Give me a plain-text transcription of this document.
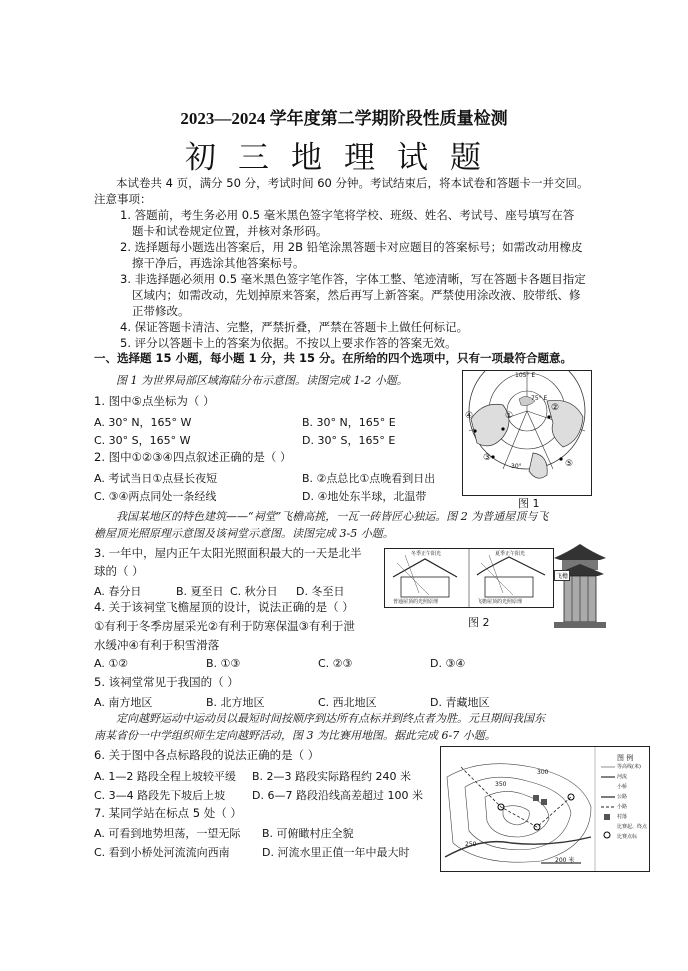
2023—2024 学年度第二学期阶段性质量检测
初三地理试题
本试卷共 4 页，满分 50 分，考试时间 60 分钟。考试结束后，将本试卷和答题卡一并交回。
注意事项：
1. 答题前，考生务必用 0.5 毫米黑色签字笔将学校、班级、姓名、考试号、座号填写在答
题卡和试卷规定位置，并核对条形码。
2. 选择题每小题选出答案后，用 2B 铅笔涂黑答题卡对应题目的答案标号；如需改动用橡皮
擦干净后，再选涂其他答案标号。
3. 非选择题必须用 0.5 毫米黑色签字笔作答，字体工整、笔迹清晰，写在答题卡各题目指定
区域内；如需改动，先划掉原来答案，然后再写上新答案。严禁使用涂改液、胶带纸、修
正带修改。
4. 保证答题卡清洁、完整，严禁折叠，严禁在答题卡上做任何标记。
5. 评分以答题卡上的答案为依据。不按以上要求作答的答案无效。
一、选择题 15 小题，每小题 1 分，共 15 分。在所给的四个选项中，只有一项最符合题意。
图 1 为世界局部区域海陆分布示意图。读图完成 1-2 小题。
1. 图中⑤点坐标为（ ）
A. 30° N，165° W	B. 30° N，165° E
C. 30° S，165° W	D. 30° S，165° E
2. 图中①②③④四点叙述正确的是（ ）
A. 考试当日①点昼长夜短	B. ②点总比①点晚看到日出
C. ③④两点同处一条经线	D. ④地处东半球，北温带
105° E
75° E
30°
①
②
③
④
⑤
图 1
我国某地区的特色建筑——“祠堂”飞檐高挑，一瓦一砖皆匠心独运。图 2 为普通屋顶与飞
檐屋顶光照原理示意图及该祠堂示意图。读图完成 3-5 小题。
3. 一年中，屋内正午太阳光照面积最大的一天是北半
球的（ ）
A. 春分日	B. 夏至日 C. 秋分日 D. 冬至日
冬季正午阳光	夏季正午阳光
普通屋顶的光照原理	飞檐屋顶的光照原理
飞檐
图 2
4. 关于该祠堂飞檐屋顶的设计，说法正确的是（ ）
①有利于冬季房屋采光②有利于防寒保温③有利于泄
水缓冲④有利于积雪滑落
A. ①②	B. ①③	C. ②③	D. ③④
5. 该祠堂常见于我国的（ ）
A. 南方地区	B. 北方地区	C. 西北地区	D. 青藏地区
定向越野运动中运动员以最短时间按顺序到达所有点标并到终点者为胜。元旦期间我国东
南某省份一中学组织师生定向越野活动，图 3 为比赛用地图。据此完成 6-7 小题。
6. 关于图中各点标路段的说法正确的是（ ）
A. 1—2 路段全程上坡较平缓 B. 2—3 路段实际路程约 240 米
C. 3—4 路段先下坡后上坡 D. 6—7 路段沿线高差超过 100 米
7. 某同学站在标点 5 处（ ）
A. 可看到地势坦荡，一望无际 B. 可俯瞰村庄全貌
C. 看到小桥处河流流向西南	D. 河流水里正值一年中最大时
图 例
等高线(米)
河流
小桥
公路
小路
村落
比赛起、终点
比赛点标
350
300
250
200 米
